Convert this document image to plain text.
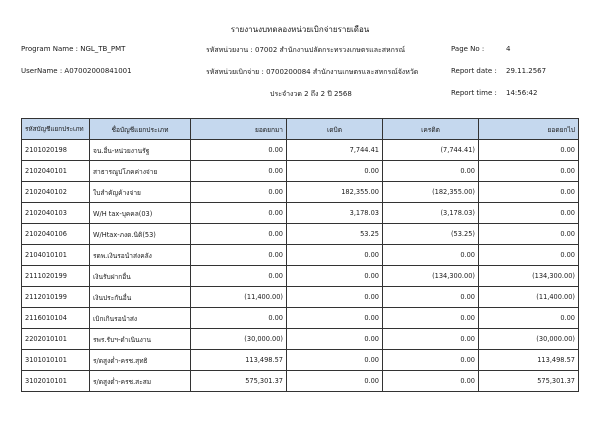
รายงานงบทดลองหน่วยเบิกจ่ายรายเดือน
Program Name : NGL_TB_PMT	รหัสหน่วยงาน : 07002 สำนักงานปลัดกระทรวงเกษตรและสหกรณ์	Page No :	4
UserName : A07002000841001	รหัสหน่วยเบิกจ่าย : 0700200084 สำนักงานเกษตรและสหกรณ์จังหวัด	Report date : 29.11.2567
ประจำงวด 2 ถึง 2 ปี 2568	Report time : 14:56:42
รหัสบัญชีแยกประเภท	ชื่อบัญชีแยกประเภท	ยอดยกมา	เดบิต	เครดิต	ยอดยกไป
2101020198	จน.อื่น-หน่วยงานรัฐ	0.00	7,744.41	(7,744.41)	0.00
2102040101	สาธารณูปโภคค่างจ่าย	0.00	0.00	0.00	0.00
2102040102	ใบสำคัญค้างจ่าย	0.00	182,355.00	(182,355.00)	0.00
2102040103	W/H tax-บุคคล(03)	0.00	3,178.03	(3,178.03)	0.00
2102040106	W/Htax-ภงด.นิติ(53)	0.00	53.25	(53.25)	0.00
2104010101	รดพ.เงินรอนำส่งคลัง	0.00	0.00	0.00	0.00
2111020199	เงินรับฝากอื่น	0.00	0.00	(134,300.00)	(134,300.00)
2112010199	เงินประกันอื่น	(11,400.00)	0.00	0.00	(11,400.00)
2116010104	เบิกเกินรอนำส่ง	0.00	0.00	0.00	0.00
2202010101	รพร.รับฯ-ดำเนินงาน	(30,000.00)	0.00	0.00	(30,000.00)
3101010101	ร/ดสูงต่ำ-ครช.สุทธิ	113,498.57	0.00	0.00	113,498.57
3102010101	ร/ดสูงต่ำ-ครช.สะสม	575,301.37	0.00	0.00	575,301.37
